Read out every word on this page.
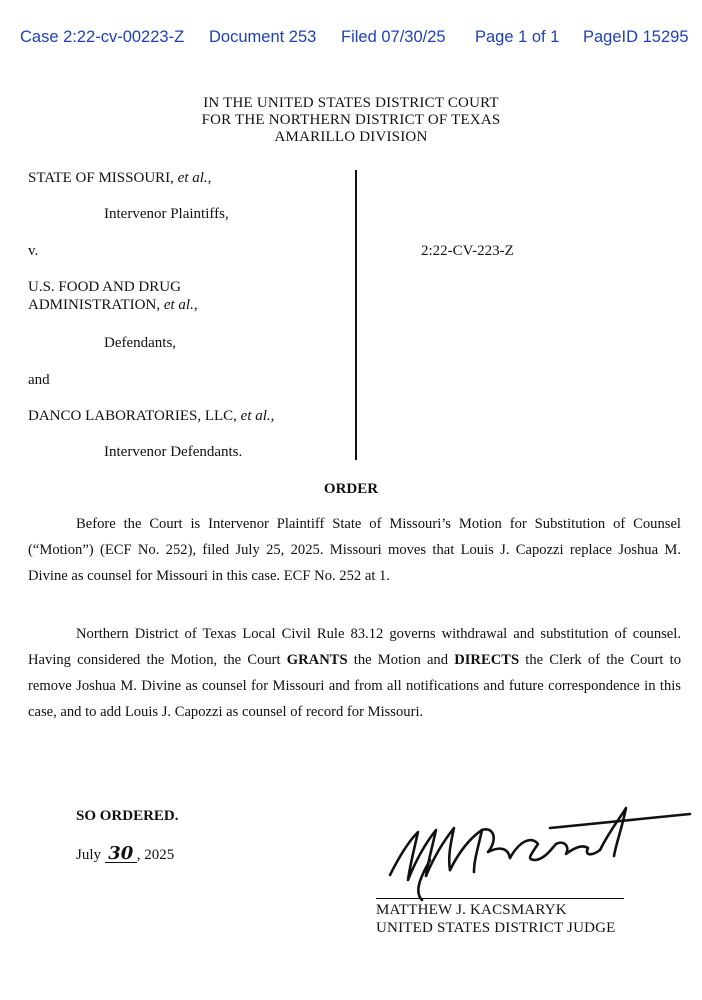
Case 2:22-cv-00223-Z Document 253 Filed 07/30/25 Page 1 of 1 PageID 15295
IN THE UNITED STATES DISTRICT COURT
FOR THE NORTHERN DISTRICT OF TEXAS
AMARILLO DIVISION
STATE OF MISSOURI, et al.,
Intervenor Plaintiffs,
v.
U.S. FOOD AND DRUG
ADMINISTRATION, et al.,
Defendants,
and
DANCO LABORATORIES, LLC, et al.,
Intervenor Defendants.
2:22-CV-223-Z
ORDER

Before the Court is Intervenor Plaintiff State of Missouri’s Motion for Substitution of Counsel (“Motion”) (ECF No. 252), filed July 25, 2025. Missouri moves that Louis J. Capozzi replace Joshua M. Divine as counsel for Missouri in this case. ECF No. 252 at 1.

Northern District of Texas Local Civil Rule 83.12 governs withdrawal and substitution of counsel. Having considered the Motion, the Court GRANTS the Motion and DIRECTS the Clerk of the Court to remove Joshua M. Divine as counsel for Missouri and from all notifications and future correspondence in this case, and to add Louis J. Capozzi as counsel of record for Missouri.

SO ORDERED.
July 30 , 2025
MATTHEW J. KACSMARYK
UNITED STATES DISTRICT JUDGE
